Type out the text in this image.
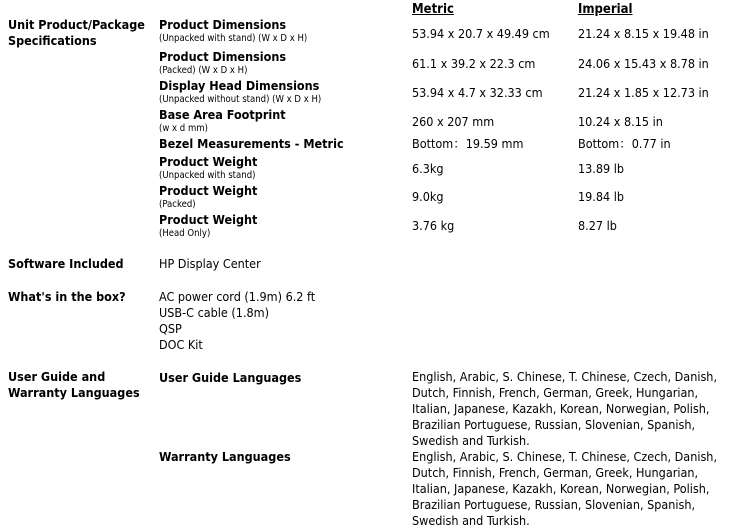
Metric	Imperial
Unit Product/Package
Specifications
Product Dimensions
(Unpacked with stand) (W x D x H)	53.94 x 20.7 x 49.49 cm 21.24 x 8.15 x 19.48 in
Product Dimensions
(Packed) (W x D x H)	61.1 x 39.2 x 22.3 cm	24.06 x 15.43 x 8.78 in
Display Head Dimensions
(Unpacked without stand) (W x D x H)	53.94 x 4.7 x 32.33 cm	21.24 x 1.85 x 12.73 in
Base Area Footprint
(w x d mm)	260 x 207 mm	10.24 x 8.15 in
Bezel Measurements - Metric	Bottom：19.59 mm	Bottom：0.77 in
Product Weight
(Unpacked with stand)	6.3kg	13.89 lb
Product Weight
(Packed)
9.0kg	19.84 lb
Product Weight
(Head Only)
3.76 kg	8.27 lb
Software Included	HP Display Center
What's in the box?	AC power cord (1.9m) 6.2 ft
USB-C cable (1.8m)
QSP
DOC Kit
User Guide and
Warranty Languages
User Guide Languages	English, Arabic, S. Chinese, T. Chinese, Czech, Danish, Dutch, Finnish, French, German, Greek, Hungarian, Italian, Japanese, Kazakh, Korean, Norwegian, Polish, Brazilian Portuguese, Russian, Slovenian, Spanish, Swedish and Turkish.
Warranty Languages	English, Arabic, S. Chinese, T. Chinese, Czech, Danish, Dutch, Finnish, French, German, Greek, Hungarian, Italian, Japanese, Kazakh, Korean, Norwegian, Polish, Brazilian Portuguese, Russian, Slovenian, Spanish, Swedish and Turkish.
